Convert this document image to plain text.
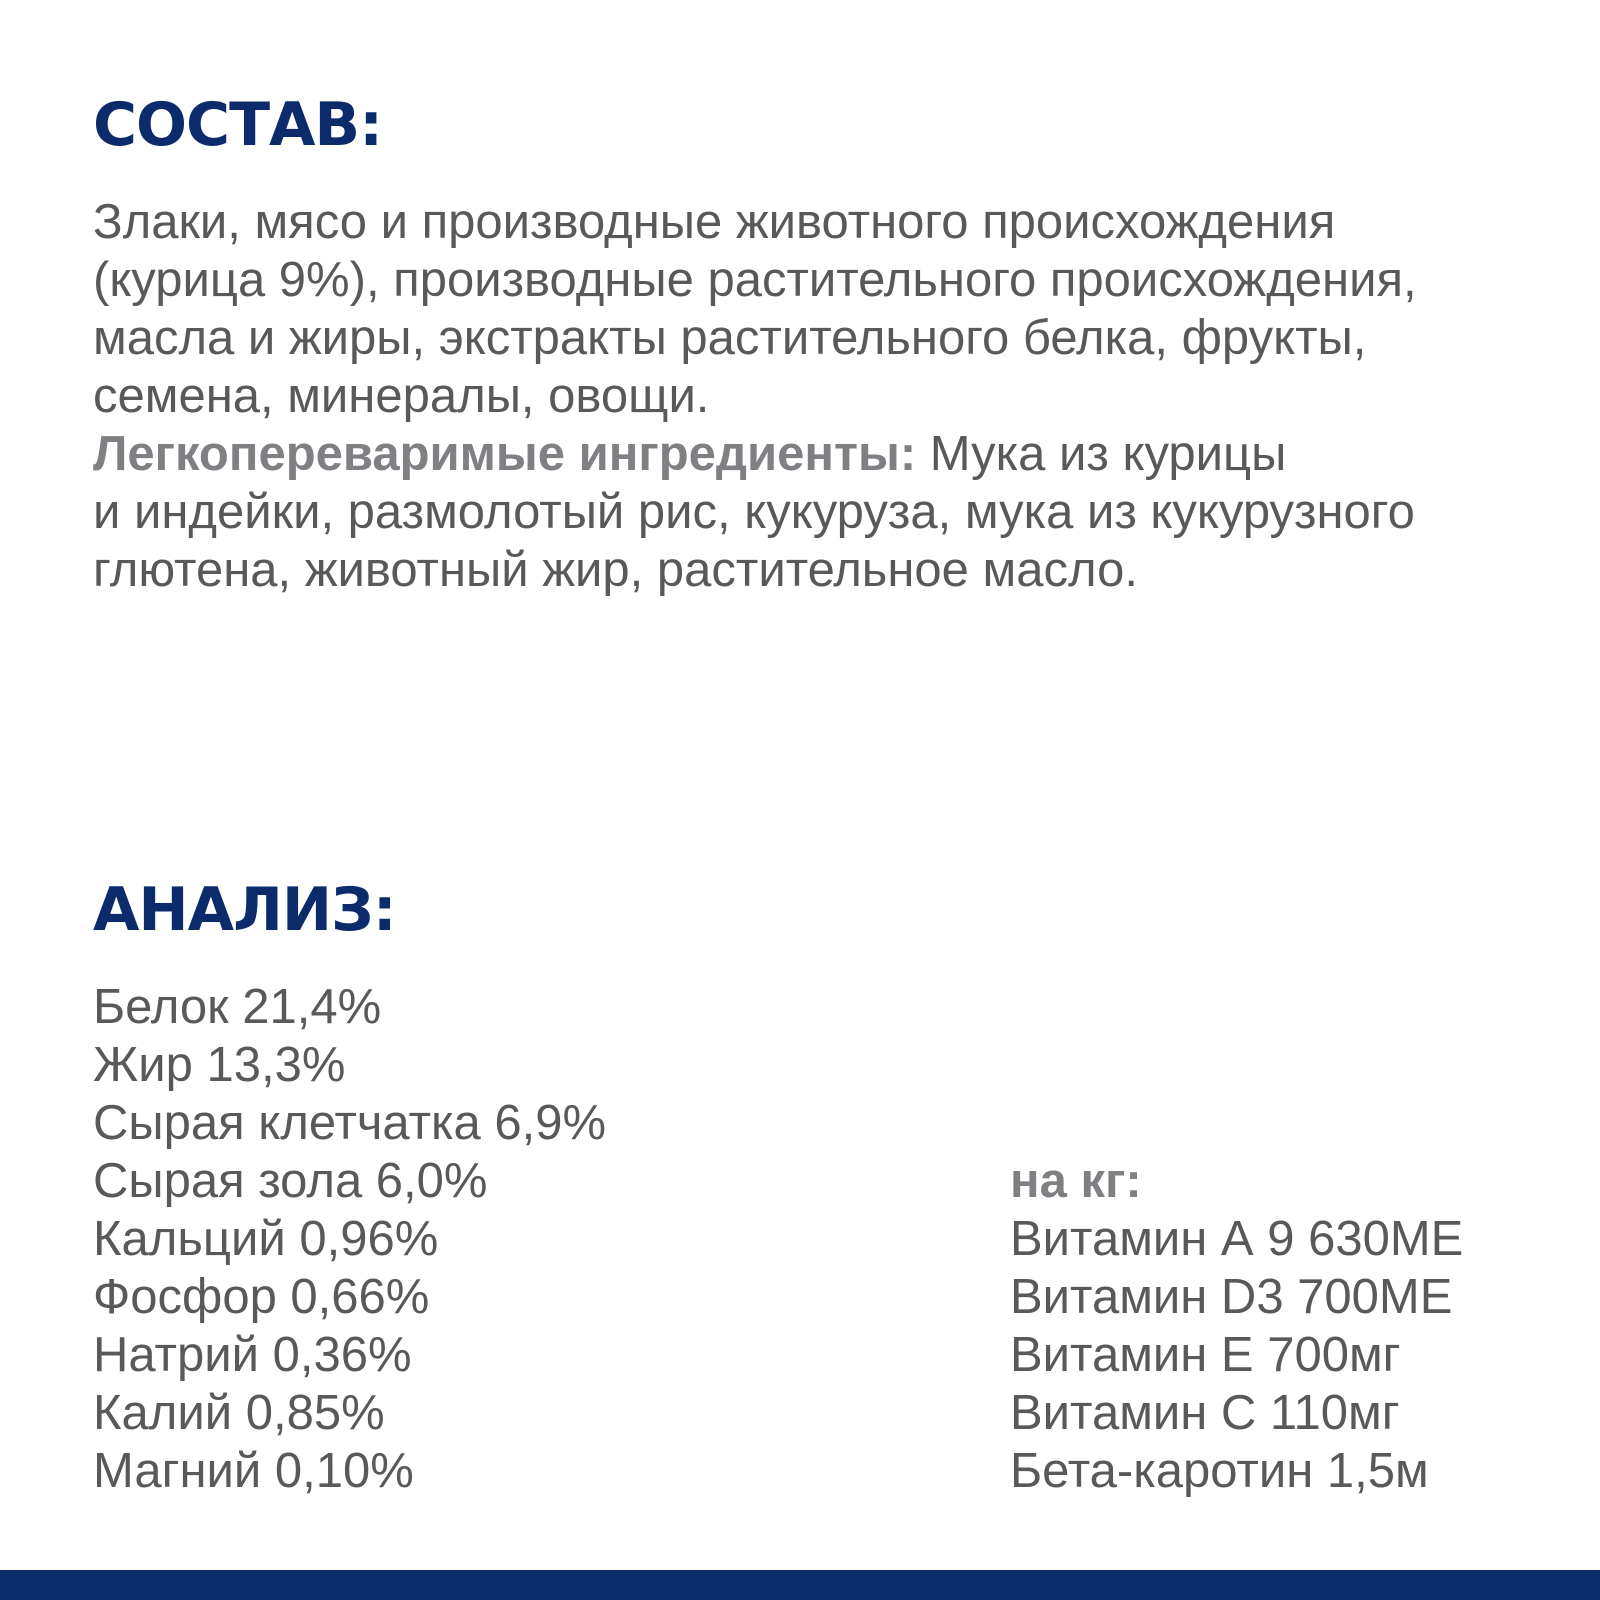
СОСТАВ:
Злаки, мясо и производные животного происхождения
(курица 9%), производные растительного происхождения,
масла и жиры, экстракты растительного белка, фрукты,
семена, минералы, овощи.
Легкопереваримые ингредиенты: Мука из курицы
и индейки, размолотый рис, кукуруза, мука из кукурузного
глютена, животный жир, растительное масло.
АНАЛИЗ:
Белок 21,4%
Жир 13,3%
Сырая клетчатка 6,9%
Сырая зола 6,0%
Кальций 0,96%
Фосфор 0,66%
Натрий 0,36%
Калий 0,85%
Магний 0,10%
на кг:
Витамин А 9 630МЕ
Витамин D3 700МЕ
Витамин Е 700мг
Витамин С 110мг
Бета-каротин 1,5м
